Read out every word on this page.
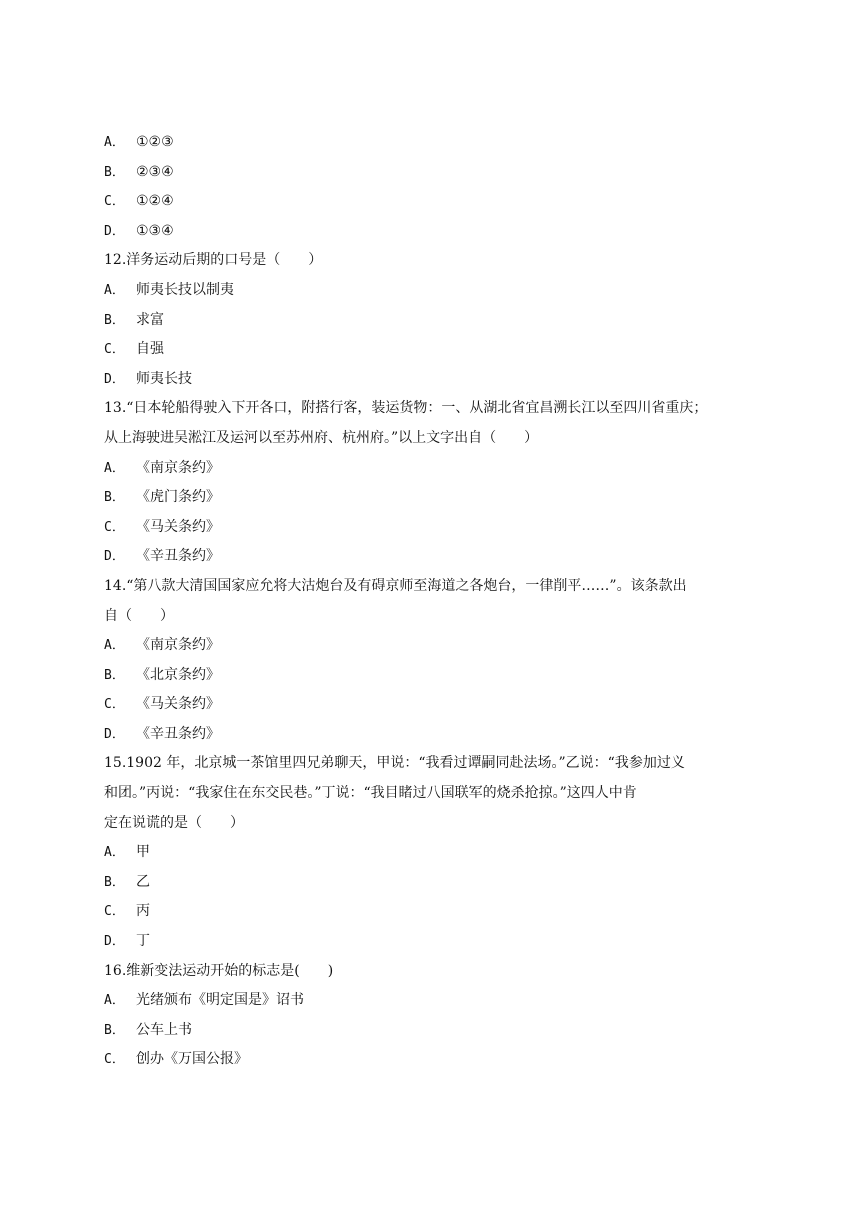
A． ①②③
B． ②③④
C． ①②④
D． ①③④
12.洋务运动后期的口号是（　　）
A． 师夷长技以制夷
B． 求富
C． 自强
D． 师夷长技
13.“日本轮船得驶入下开各口，附搭行客，装运货物：一、从湖北省宜昌溯长江以至四川省重庆；
从上海驶进吴淞江及运河以至苏州府、杭州府。”以上文字出自（　　）
A． 《南京条约》
B． 《虎门条约》
C． 《马关条约》
D． 《辛丑条约》
14.“第八款大清国国家应允将大沽炮台及有碍京师至海道之各炮台，一律削平……”。该条款出
自（　　）
A． 《南京条约》
B． 《北京条约》
C． 《马关条约》
D． 《辛丑条约》
15.1902 年，北京城一茶馆里四兄弟聊天，甲说：“我看过谭嗣同赴法场。”乙说：“我参加过义
和团。”丙说：“我家住在东交民巷。”丁说：“我目睹过八国联军的烧杀抢掠。”这四人中肯
定在说谎的是（　　）
A． 甲
B． 乙
C． 丙
D． 丁
16.维新变法运动开始的标志是(　　)
A． 光绪颁布《明定国是》诏书
B． 公车上书
C． 创办《万国公报》
